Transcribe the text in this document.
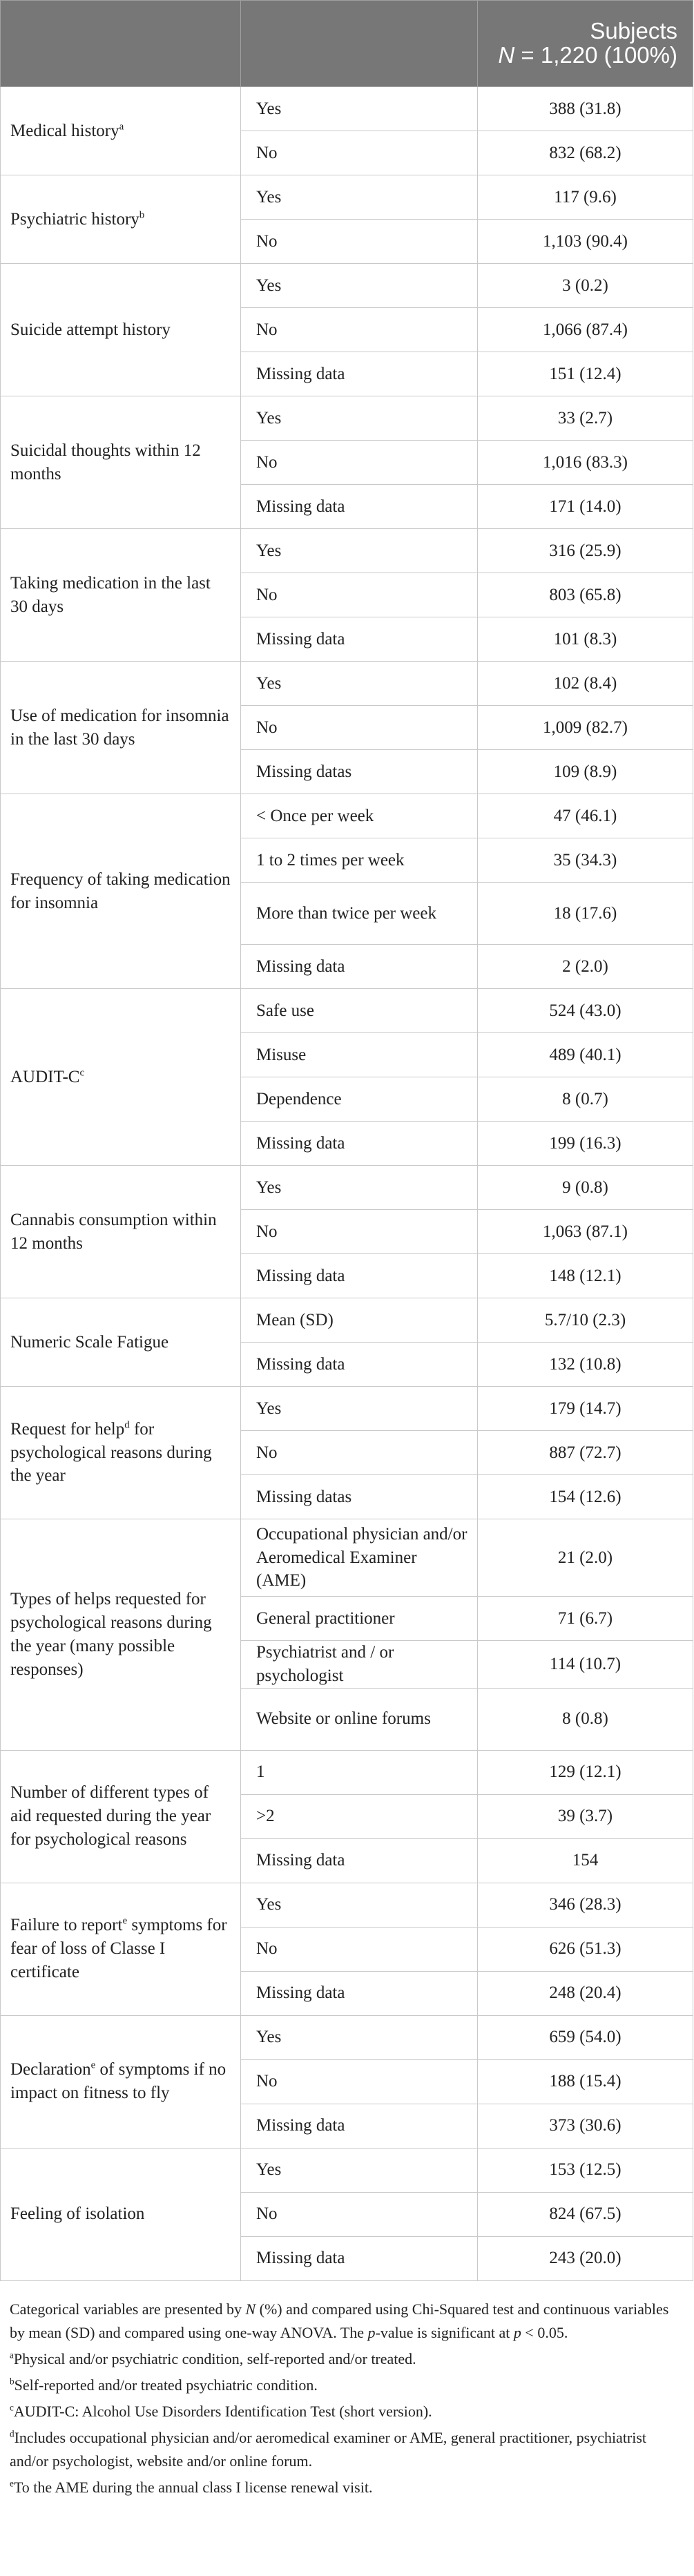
		Subjects
N = 1,220 (100%)
Medical history$^a$	Yes	388 (31.8)
	No	832 (68.2)
Psychiatric history$^b$	Yes	117 (9.6)
	No	1,103 (90.4)
Suicide attempt history	Yes	3 (0.2)
	No	1,066 (87.4)
	Missing data	151 (12.4)
Suicidal thoughts within 12 months	Yes	33 (2.7)
	No	1,016 (83.3)
	Missing data	171 (14.0)
Taking medication in the last 30 days	Yes	316 (25.9)
	No	803 (65.8)
	Missing data	101 (8.3)
Use of medication for insomnia in the last 30 days	Yes	102 (8.4)
	No	1,009 (82.7)
	Missing datas	109 (8.9)
Frequency of taking medication for insomnia	< Once per week	47 (46.1)
	1 to 2 times per week	35 (34.3)
	More than twice per week	18 (17.6)
	Missing data	2 (2.0)
AUDIT-$C^c$	Safe use	524 (43.0)
	Misuse	489 (40.1)
	Dependence	8 (0.7)
	Missing data	199 (16.3)
Cannabis consumption within 12 months	Yes	9 (0.8)
	No	1,063 (87.1)
	Missing data	148 (12.1)
Numeric Scale Fatigue	Mean (SD)	5.7/10 (2.3)
	Missing data	132 (10.8)
Request for help$^d$ for psychological reasons during the year	Yes	179 (14.7)
	No	887 (72.7)
	Missing datas	154 (12.6)
Types of helps requested for psychological reasons during the year (many possible responses)	Occupational physician and/or Aeromedical Examiner (AME)	21 (2.0)
	General practitioner	71 (6.7)
	Psychiatrist and / or psychologist	114 (10.7)
	Website or online forums	8 (0.8)
Number of different types of aid requested during the year for psychological reasons	1	129 (12.1)
	>2	39 (3.7)
	Missing data	154
Failure to report$^e$ symptoms for fear of loss of Classe I certificate	Yes	346 (28.3)
	No	626 (51.3)
	Missing data	248 (20.4)
Declaration$^e$ of symptoms if no impact on fitness to fly	Yes	659 (54.0)
	No	188 (15.4)
	Missing data	373 (30.6)
Feeling of isolation	Yes	153 (12.5)
	No	824 (67.5)
	Missing data	243 (20.0)

Categorical variables are presented by N (%) and compared using Chi-Squared test and continuous variables by mean (SD) and compared using one-way ANOVA. The p-value is significant at p < 0.05.

$^a$Physical and/or psychiatric condition, self-reported and/or treated.

$^b$Self-reported and/or treated psychiatric condition.

$^c$AUDIT-C: Alcohol Use Disorders Identification Test (short version).

$^d$Includes occupational physician and/or aeromedical examiner or AME, general practitioner, psychiatrist and/or psychologist, website and/or online forum.

$^e$To the AME during the annual class I license renewal visit.
